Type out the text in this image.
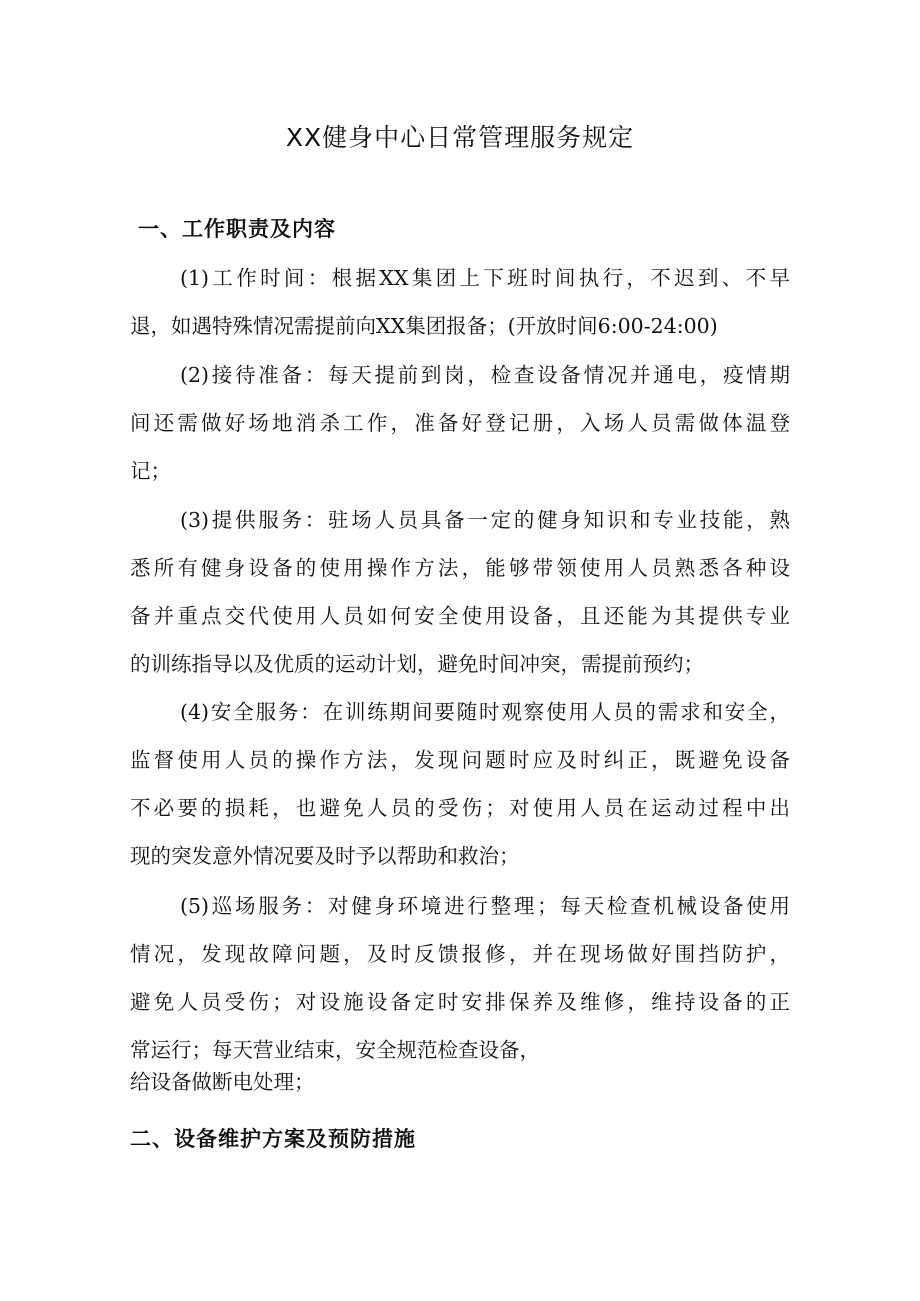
XX健身中心日常管理服务规定
一、工作职责及内容
(1)工作时间：根据XX集团上下班时间执行，不迟到、不早
退，如遇特殊情况需提前向XX集团报备；(开放时间6:00-24:00)
(2)接待准备：每天提前到岗，检查设备情况并通电，疫情期
间还需做好场地消杀工作，准备好登记册，入场人员需做体温登
记；
(3)提供服务：驻场人员具备一定的健身知识和专业技能，熟
悉所有健身设备的使用操作方法，能够带领使用人员熟悉各种设
备并重点交代使用人员如何安全使用设备，且还能为其提供专业
的训练指导以及优质的运动计划，避免时间冲突，需提前预约；
(4)安全服务：在训练期间要随时观察使用人员的需求和安全，
监督使用人员的操作方法，发现问题时应及时纠正，既避免设备
不必要的损耗，也避免人员的受伤；对使用人员在运动过程中出
现的突发意外情况要及时予以帮助和救治；
(5)巡场服务：对健身环境进行整理；每天检查机械设备使用
情况，发现故障问题，及时反馈报修，并在现场做好围挡防护，
避免人员受伤；对设施设备定时安排保养及维修，维持设备的正
常运行；每天营业结束，安全规范检查设备，

给设备做断电处理；

二、设备维护方案及预防措施
